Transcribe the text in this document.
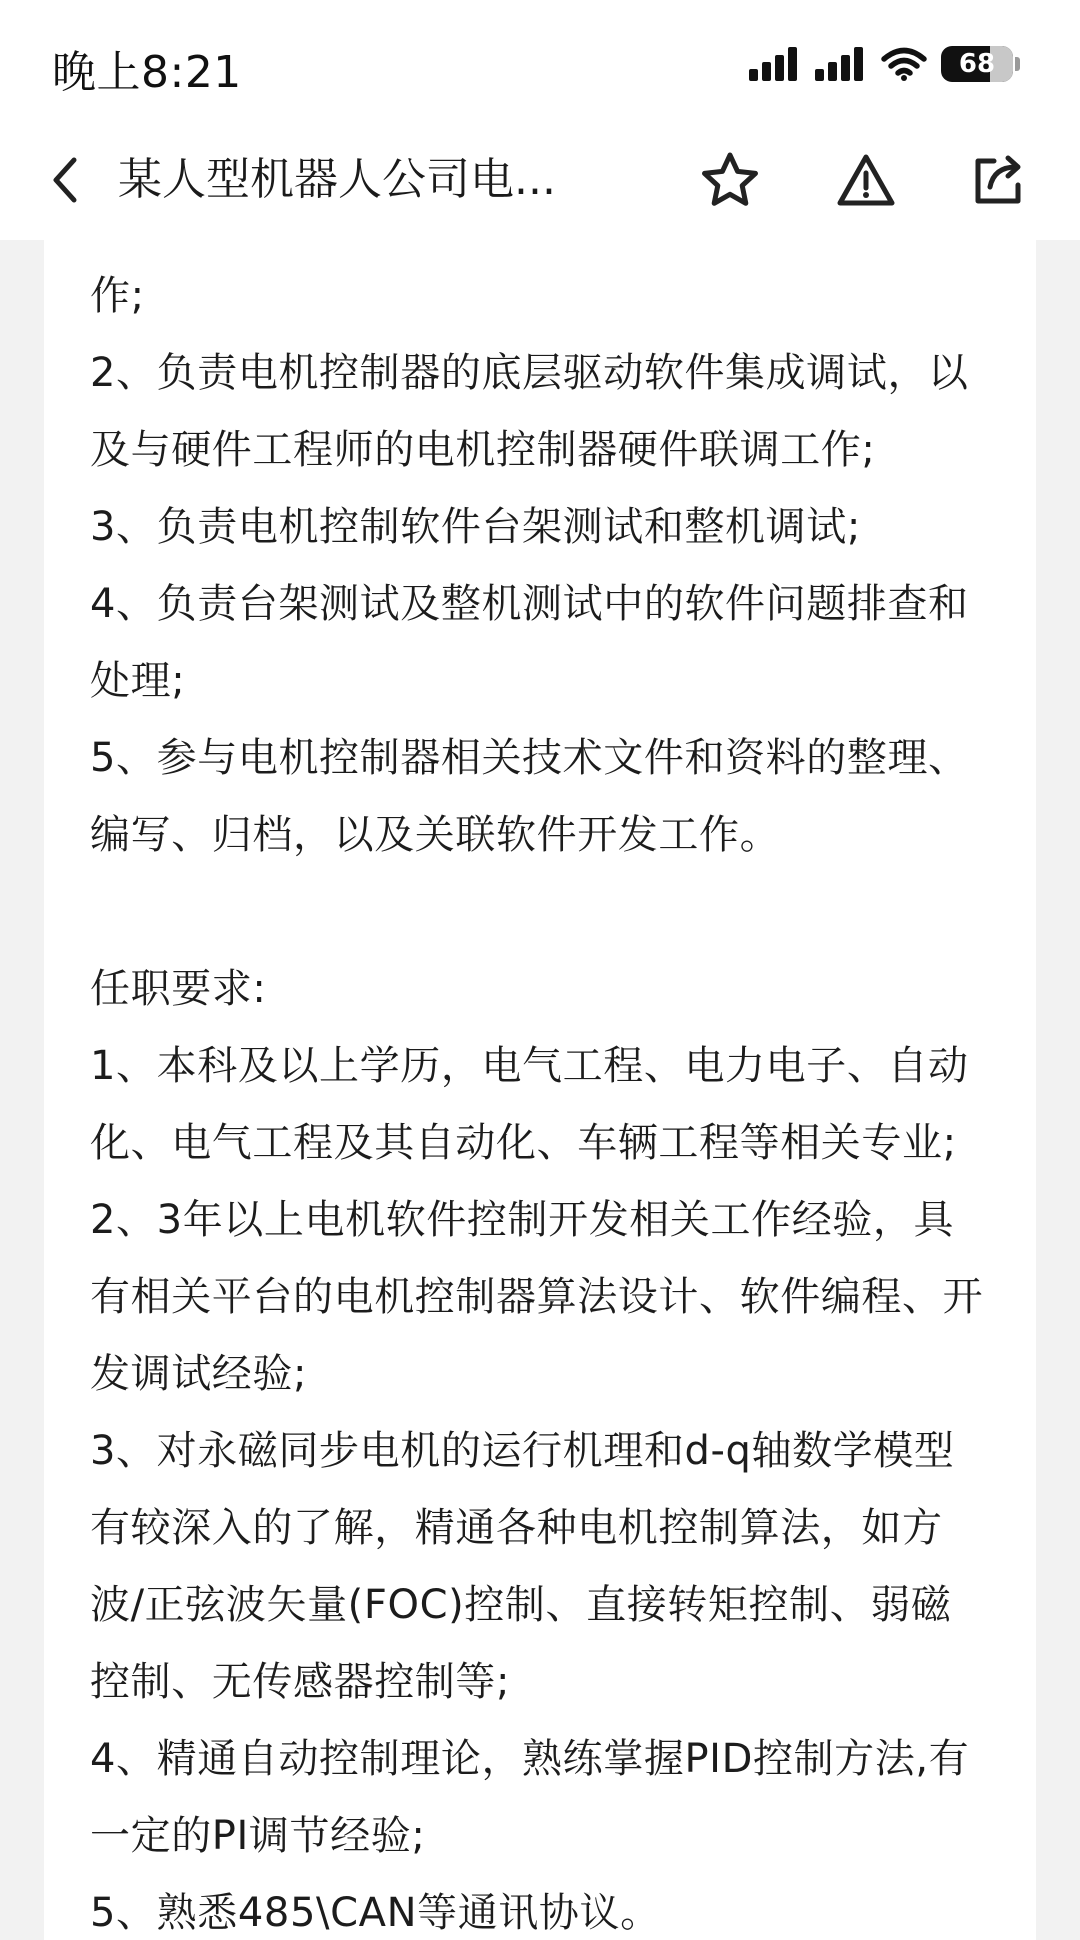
晚上8:21	68
某人型机器人公司电...
作;
2、负责电机控制器的底层驱动软件集成调试，以
及与硬件工程师的电机控制器硬件联调工作;
3、负责电机控制软件台架测试和整机调试;
4、负责台架测试及整机测试中的软件问题排查和
处理;
5、参与电机控制器相关技术文件和资料的整理、
编写、归档，以及关联软件开发工作。
任职要求:
1、本科及以上学历，电气工程、电力电子、自动
化、电气工程及其自动化、车辆工程等相关专业;
2、3年以上电机软件控制开发相关工作经验，具
有相关平台的电机控制器算法设计、软件编程、开
发调试经验;
3、对永磁同步电机的运行机理和d-q轴数学模型
有较深入的了解，精通各种电机控制算法，如方
波/正弦波矢量(FOC)控制、直接转矩控制、弱磁
控制、无传感器控制等;
4、精通自动控制理论，熟练掌握PID控制方法,有
一定的PI调节经验;
5、熟悉485\CAN等通讯协议。
